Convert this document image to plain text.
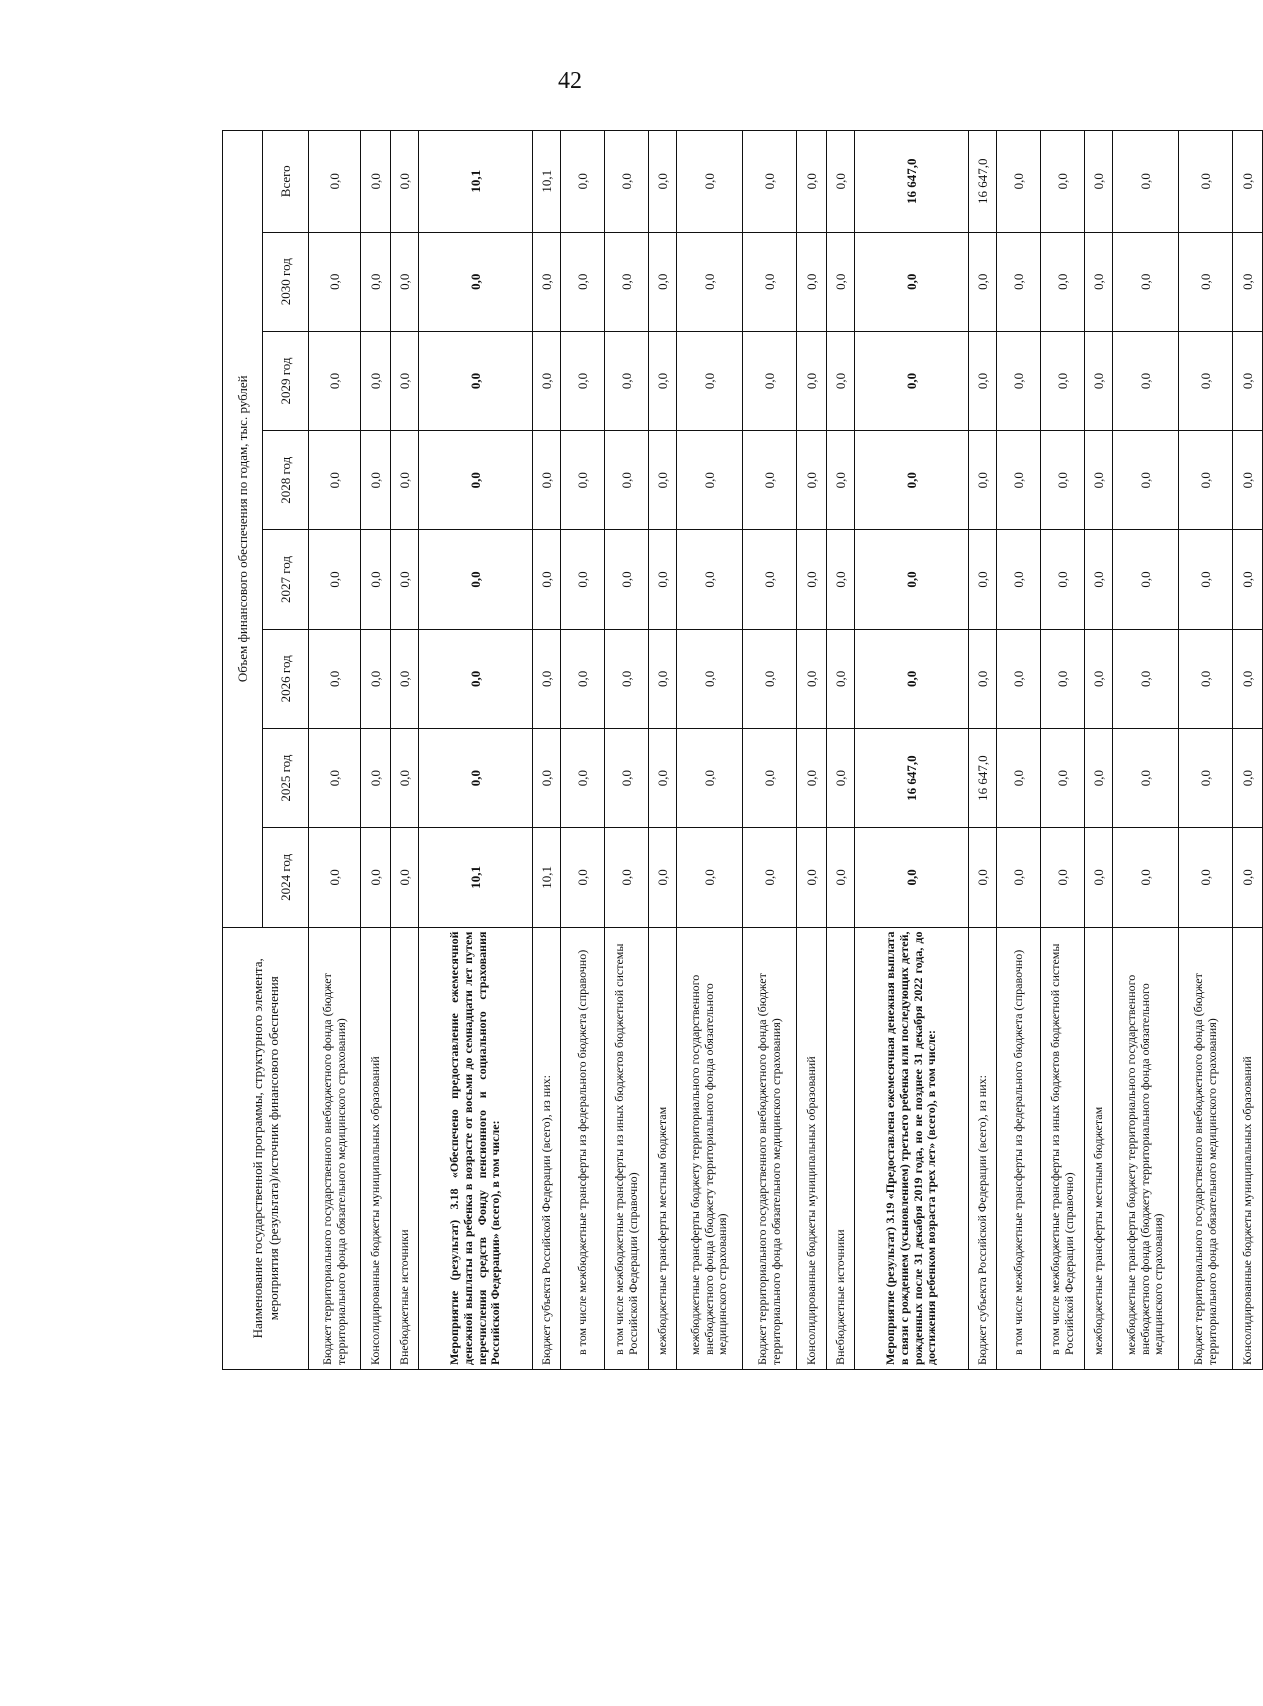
42
Наименование государственной программы, структурного элемента, мероприятия (результата)/источник финансового обеспечения	Объем финансового обеспечения по годам, тыс. рублей							
	2024 год	2025 год	2026 год	2027 год	2028 год	2029 год	2030 год	Всего
Бюджет территориального государственного внебюджетного фонда (бюджет территориального фонда обязательного медицинского страхования)	0,0	0,0	0,0	0,0	0,0	0,0	0,0	0,0
Консолидированные бюджеты муниципальных образований	0,0	0,0	0,0	0,0	0,0	0,0	0,0	0,0
Внебюджетные источники	0,0	0,0	0,0	0,0	0,0	0,0	0,0	0,0
Мероприятие (результат) 3.18 «Обеспечено предоставление ежемесячной денежной выплаты на ребенка в возрасте от восьми до семнадцати лет путем перечисления средств Фонду пенсионного и социального страхования Российской Федерации» (всего), в том числе:	10,1	0,0	0,0	0,0	0,0	0,0	0,0	10,1
Бюджет субъекта Российской Федерации (всего), из них:	10,1	0,0	0,0	0,0	0,0	0,0	0,0	10,1
в том числе межбюджетные трансферты из федерального бюджета (справочно)	0,0	0,0	0,0	0,0	0,0	0,0	0,0	0,0
в том числе межбюджетные трансферты из иных бюджетов бюджетной системы Российской Федерации (справочно)	0,0	0,0	0,0	0,0	0,0	0,0	0,0	0,0
межбюджетные трансферты местным бюджетам	0,0	0,0	0,0	0,0	0,0	0,0	0,0	0,0
межбюджетные трансферты бюджету территориального государственного внебюджетного фонда (бюджету территориального фонда обязательного медицинского страхования)	0,0	0,0	0,0	0,0	0,0	0,0	0,0	0,0
Бюджет территориального государственного внебюджетного фонда (бюджет территориального фонда обязательного медицинского страхования)	0,0	0,0	0,0	0,0	0,0	0,0	0,0	0,0
Консолидированные бюджеты муниципальных образований	0,0	0,0	0,0	0,0	0,0	0,0	0,0	0,0
Внебюджетные источники	0,0	0,0	0,0	0,0	0,0	0,0	0,0	0,0
Мероприятие (результат) 3.19 «Предоставлена ежемесячная денежная выплата в связи с рождением (усыновлением) третьего ребенка или последующих детей, рожденных после 31 декабря 2019 года, но не позднее 31 декабря 2022 года, до достижения ребенком возраста трех лет» (всего), в том числе:	0,0	16 647,0	0,0	0,0	0,0	0,0	0,0	16 647,0
Бюджет субъекта Российской Федерации (всего), из них:	0,0	16 647,0	0,0	0,0	0,0	0,0	0,0	16 647,0
в том числе межбюджетные трансферты из федерального бюджета (справочно)	0,0	0,0	0,0	0,0	0,0	0,0	0,0	0,0
в том числе межбюджетные трансферты из иных бюджетов бюджетной системы Российской Федерации (справочно)	0,0	0,0	0,0	0,0	0,0	0,0	0,0	0,0
межбюджетные трансферты местным бюджетам	0,0	0,0	0,0	0,0	0,0	0,0	0,0	0,0
межбюджетные трансферты бюджету территориального государственного внебюджетного фонда (бюджету территориального фонда обязательного медицинского страхования)	0,0	0,0	0,0	0,0	0,0	0,0	0,0	0,0
Бюджет территориального государственного внебюджетного фонда (бюджет территориального фонда обязательного медицинского страхования)	0,0	0,0	0,0	0,0	0,0	0,0	0,0	0,0
Консолидированные бюджеты муниципальных образований	0,0	0,0	0,0	0,0	0,0	0,0	0,0	0,0
